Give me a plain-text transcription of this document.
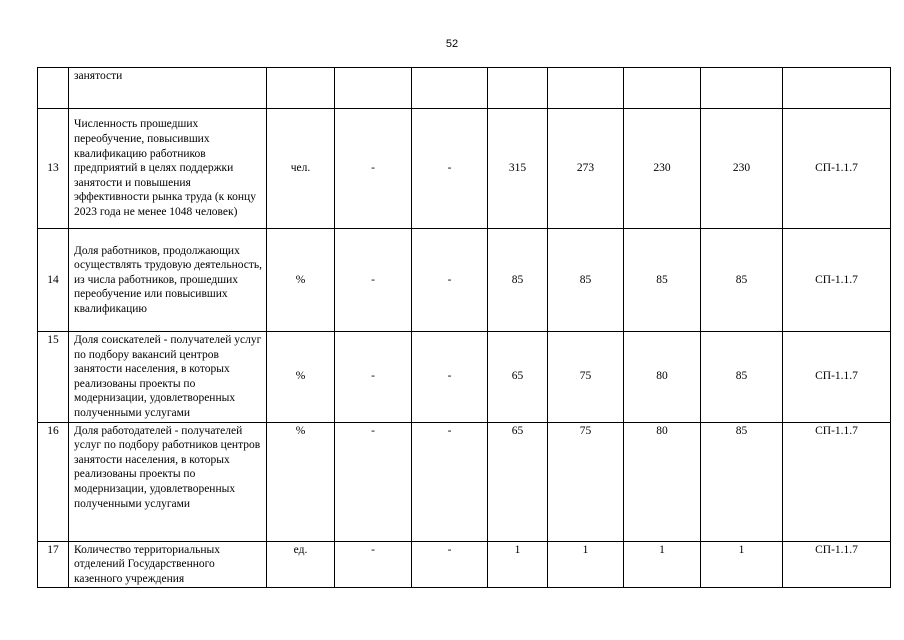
52
	занятости								
13	Численность прошедших переобучение, повысивших квалификацию работников предприятий в целях поддержки занятости и повышения эффективности рынка труда (к концу 2023 года не менее 1048 человек)	чел.	-	-	315	273	230	230	СП-1.1.7
14	Доля работников, продолжающих осуществлять трудовую деятельность, из числа работников, прошедших переобучение или повысивших квалификацию	%	-	-	85	85	85	85	СП-1.1.7
15	Доля соискателей - получателей услуг по подбору вакансий центров занятости населения, в которых реализованы проекты по модернизации, удовлетворенных полученными услугами	%	-	-	65	75	80	85	СП-1.1.7
16	Доля работодателей - получателей услуг по подбору работников центров занятости населения, в которых реализованы проекты по модернизации, удовлетворенных полученными услугами	%	-	-	65	75	80	85	СП-1.1.7
17	Количество территориальных отделений Государственного казенного учреждения	ед.	-	-	1	1	1	1	СП-1.1.7
